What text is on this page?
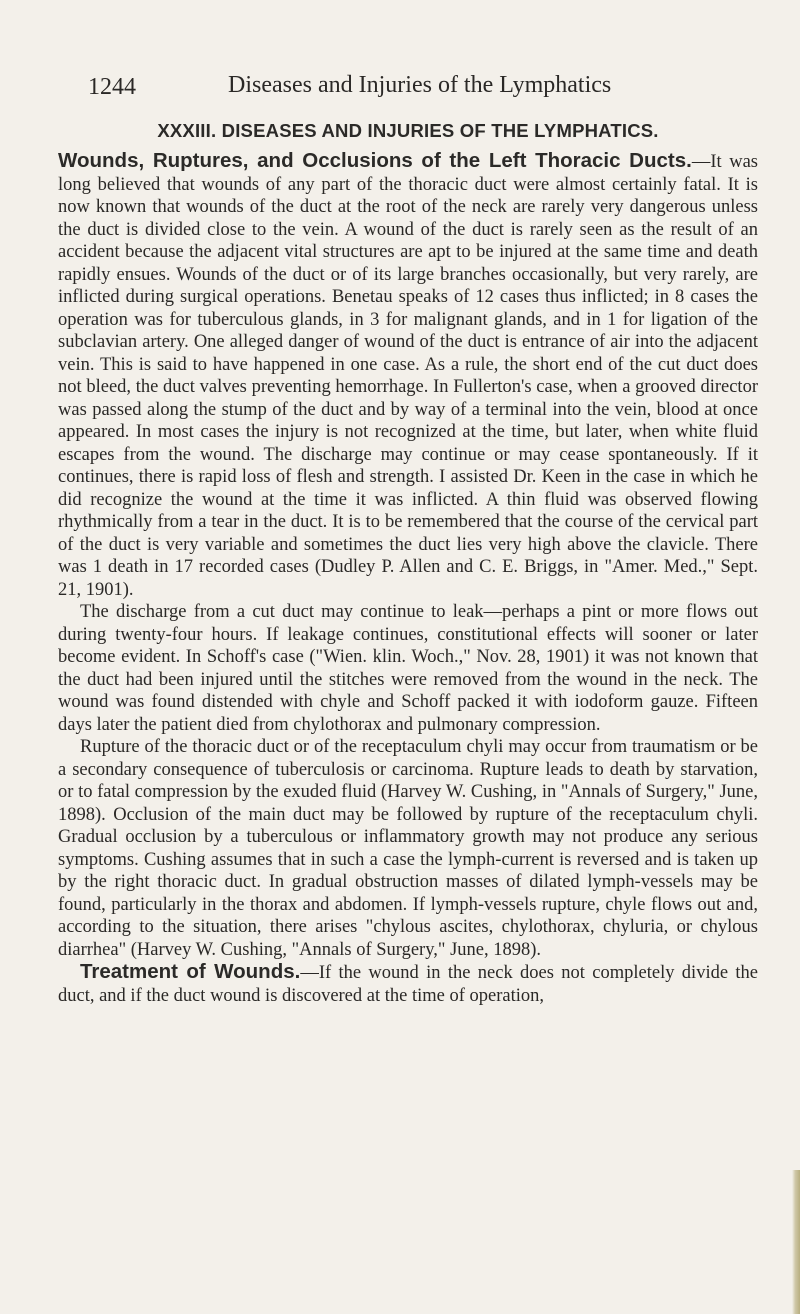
1244	Diseases and Injuries of the Lymphatics
XXXIII. DISEASES AND INJURIES OF THE LYMPHATICS.

Wounds, Ruptures, and Occlusions of the Left Thoracic Ducts.—It was long believed that wounds of any part of the thoracic duct were almost certainly fatal. It is now known that wounds of the duct at the root of the neck are rarely very dangerous unless the duct is divided close to the vein. A wound of the duct is rarely seen as the result of an accident because the adjacent vital structures are apt to be injured at the same time and death rapidly ensues. Wounds of the duct or of its large branches occasionally, but very rarely, are inflicted during surgical operations. Benetau speaks of 12 cases thus inflicted; in 8 cases the operation was for tuberculous glands, in 3 for malignant glands, and in 1 for ligation of the subclavian artery. One alleged danger of wound of the duct is entrance of air into the adjacent vein. This is said to have happened in one case. As a rule, the short end of the cut duct does not bleed, the duct valves preventing hemorrhage. In Fullerton's case, when a grooved director was passed along the stump of the duct and by way of a terminal into the vein, blood at once appeared. In most cases the injury is not recognized at the time, but later, when white fluid escapes from the wound. The discharge may continue or may cease spontaneously. If it continues, there is rapid loss of flesh and strength. I assisted Dr. Keen in the case in which he did recognize the wound at the time it was inflicted. A thin fluid was observed flowing rhythmically from a tear in the duct. It is to be remembered that the course of the cervical part of the duct is very variable and sometimes the duct lies very high above the clavicle. There was 1 death in 17 recorded cases (Dudley P. Allen and C. E. Briggs, in "Amer. Med.," Sept. 21, 1901).

The discharge from a cut duct may continue to leak—perhaps a pint or more flows out during twenty-four hours. If leakage continues, constitutional effects will sooner or later become evident. In Schoff's case ("Wien. klin. Woch.," Nov. 28, 1901) it was not known that the duct had been injured until the stitches were removed from the wound in the neck. The wound was found distended with chyle and Schoff packed it with iodoform gauze. Fifteen days later the patient died from chylothorax and pulmonary compression.

Rupture of the thoracic duct or of the receptaculum chyli may occur from traumatism or be a secondary consequence of tuberculosis or carcinoma. Rupture leads to death by starvation, or to fatal compression by the exuded fluid (Harvey W. Cushing, in "Annals of Surgery," June, 1898). Occlusion of the main duct may be followed by rupture of the receptaculum chyli. Gradual occlusion by a tuberculous or inflammatory growth may not produce any serious symptoms. Cushing assumes that in such a case the lymph-current is reversed and is taken up by the right thoracic duct. In gradual obstruction masses of dilated lymph-vessels may be found, particularly in the thorax and abdomen. If lymph-vessels rupture, chyle flows out and, according to the situation, there arises "chylous ascites, chylothorax, chyluria, or chylous diarrhea" (Harvey W. Cushing, "Annals of Surgery," June, 1898).

Treatment of Wounds.—If the wound in the neck does not completely divide the duct, and if the duct wound is discovered at the time of operation,
